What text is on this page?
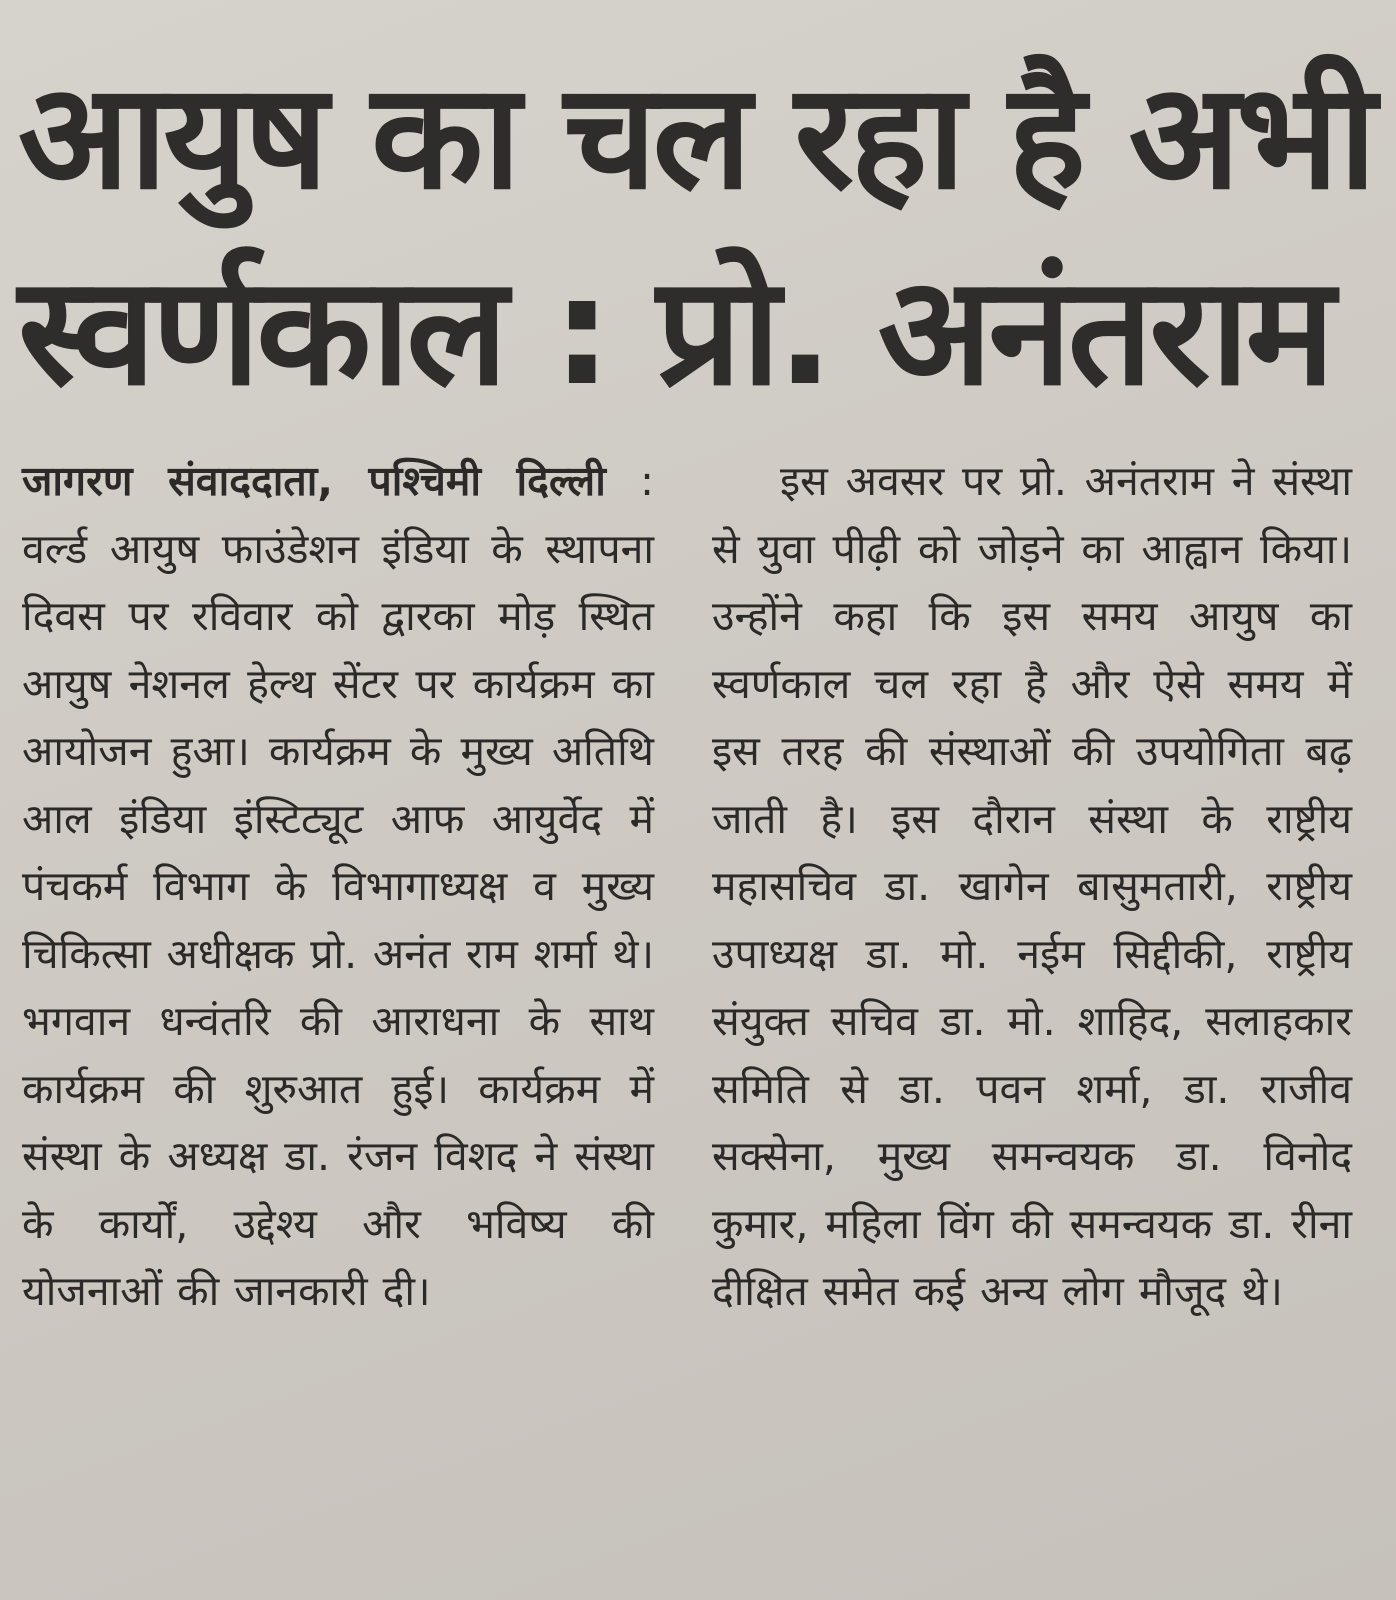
आयुष का चल रहा है अभी
स्वर्णकाल : प्रो. अनंतराम

जागरण संवाददाता, पश्चिमी दिल्ली : वर्ल्ड आयुष फाउंडेशन इंडिया के स्थापना दिवस पर रविवार को द्वारका मोड़ स्थित आयुष नेशनल हेल्थ सेंटर पर कार्यक्रम का आयोजन हुआ। कार्यक्रम के मुख्य अतिथि आल इंडिया इंस्टिट्यूट आफ आयुर्वेद में पंचकर्म विभाग के विभागाध्यक्ष व मुख्य चिकित्सा अधीक्षक प्रो. अनंत राम शर्मा थे। भगवान धन्वंतरि की आराधना के साथ कार्यक्रम की शुरुआत हुई। कार्यक्रम में संस्था के अध्यक्ष डा. रंजन विशद ने संस्था के कार्यों, उद्देश्य और भविष्य की योजनाओं की जानकारी दी।

इस अवसर पर प्रो. अनंतराम ने संस्था से युवा पीढ़ी को जोड़ने का आह्वान किया। उन्होंने कहा कि इस समय आयुष का स्वर्णकाल चल रहा है और ऐसे समय में इस तरह की संस्थाओं की उपयोगिता बढ़ जाती है। इस दौरान संस्था के राष्ट्रीय महासचिव डा. खागेन बासुमतारी, राष्ट्रीय उपाध्यक्ष डा. मो. नईम सिद्दीकी, राष्ट्रीय संयुक्त सचिव डा. मो. शाहिद, सलाहकार समिति से डा. पवन शर्मा, डा. राजीव सक्सेना, मुख्य समन्वयक डा. विनोद कुमार, महिला विंग की समन्वयक डा. रीना दीक्षित समेत कई अन्य लोग मौजूद थे।
